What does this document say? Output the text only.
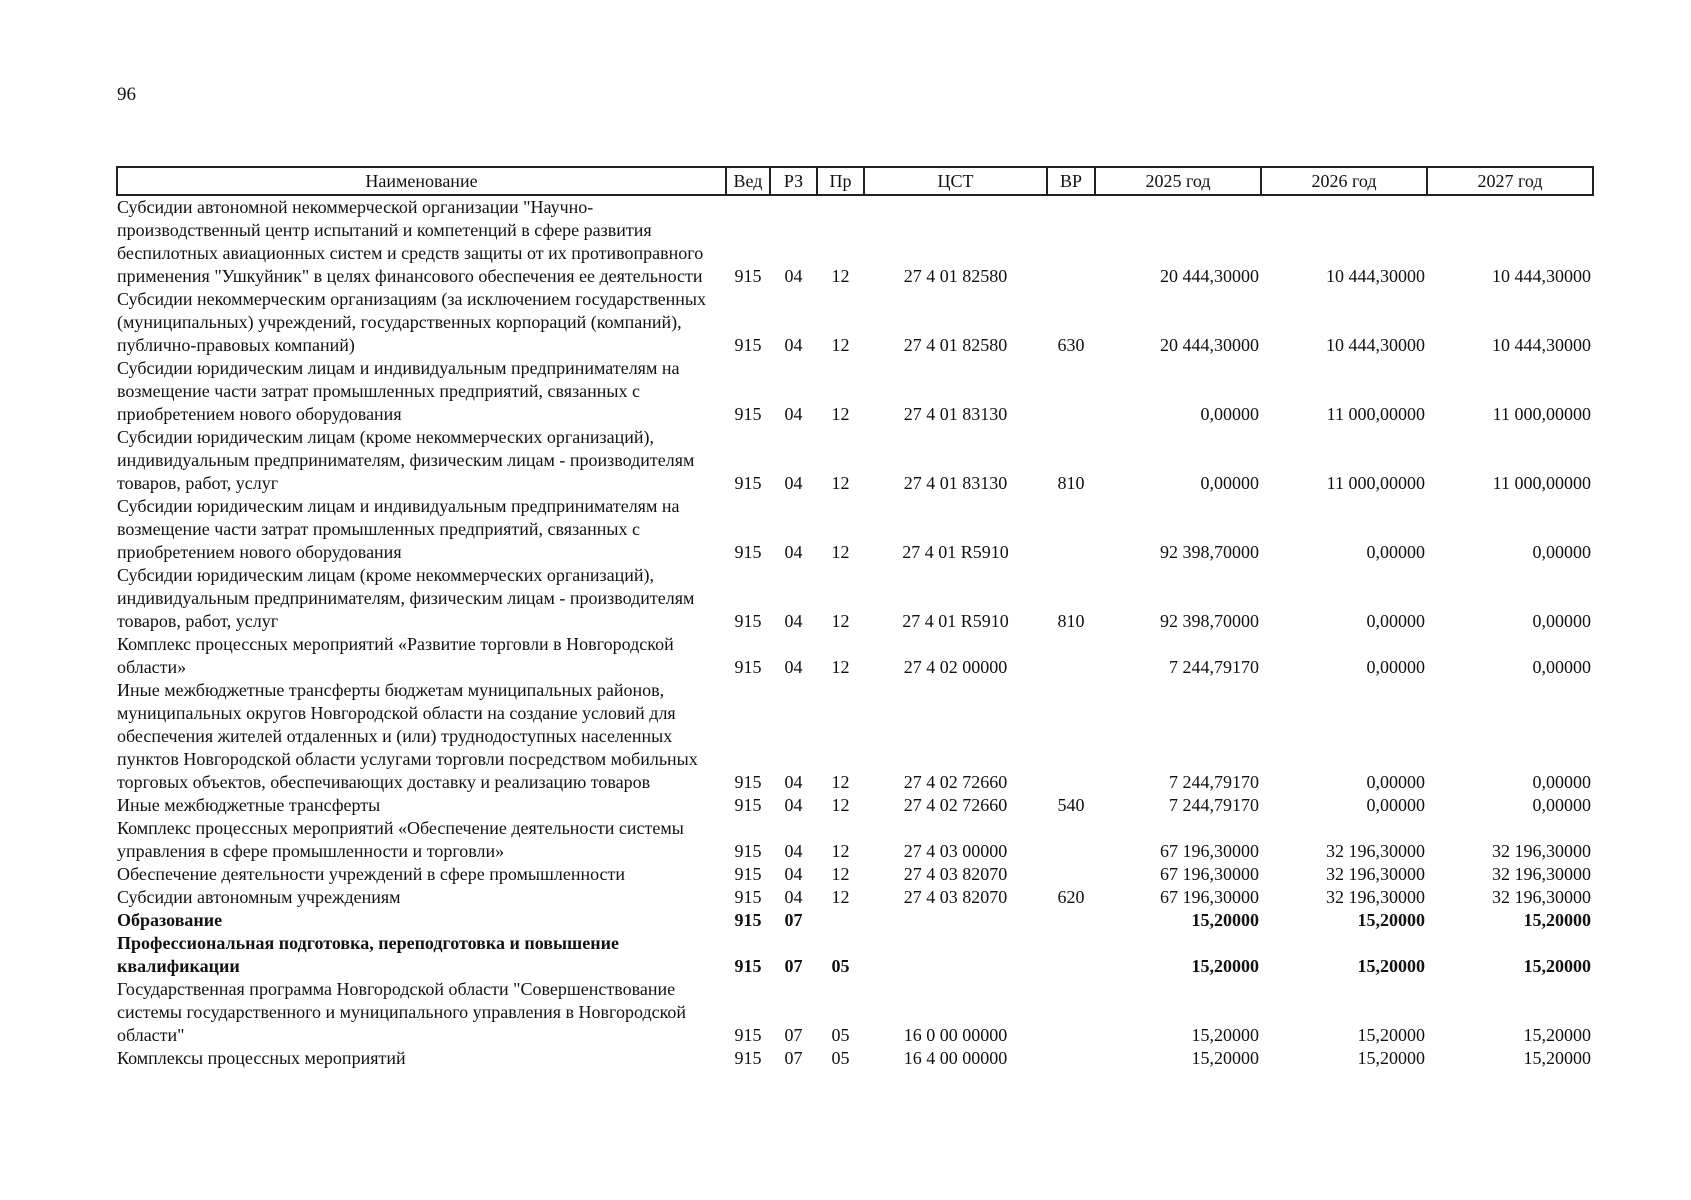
96
Наименование	Вед	РЗ	Пр	ЦСТ	ВР	2025 год	2026 год	2027 год
Субсидии автономной некоммерческой организации "Научно-производственный центр испытаний и компетенций в сфере развития беспилотных авиационных систем и средств защиты от их противоправного применения "Ушкуйник" в целях финансового обеспечения ее деятельности	915	04	12	27 4 01 82580		20 444,30000	10 444,30000	10 444,30000
Субсидии некоммерческим организациям (за исключением государственных (муниципальных) учреждений, государственных корпораций (компаний), публично-правовых компаний)	915	04	12	27 4 01 82580	630	20 444,30000	10 444,30000	10 444,30000
Субсидии юридическим лицам и индивидуальным предпринимателям на возмещение части затрат промышленных предприятий, связанных с приобретением нового оборудования	915	04	12	27 4 01 83130		0,00000	11 000,00000	11 000,00000
Субсидии юридическим лицам (кроме некоммерческих организаций), индивидуальным предпринимателям, физическим лицам - производителям товаров, работ, услуг	915	04	12	27 4 01 83130	810	0,00000	11 000,00000	11 000,00000
Субсидии юридическим лицам и индивидуальным предпринимателям на возмещение части затрат промышленных предприятий, связанных с приобретением нового оборудования	915	04	12	27 4 01 R5910		92 398,70000	0,00000	0,00000
Субсидии юридическим лицам (кроме некоммерческих организаций), индивидуальным предпринимателям, физическим лицам - производителям товаров, работ, услуг	915	04	12	27 4 01 R5910	810	92 398,70000	0,00000	0,00000
Комплекс процессных мероприятий «Развитие торговли в Новгородской области»	915	04	12	27 4 02 00000		7 244,79170	0,00000	0,00000
Иные межбюджетные трансферты бюджетам муниципальных районов, муниципальных округов Новгородской области на создание условий для обеспечения жителей отдаленных и (или) труднодоступных населенных пунктов Новгородской области услугами торговли посредством мобильных торговых объектов, обеспечивающих доставку и реализацию товаров	915	04	12	27 4 02 72660		7 244,79170	0,00000	0,00000
Иные межбюджетные трансферты	915	04	12	27 4 02 72660	540	7 244,79170	0,00000	0,00000
Комплекс процессных мероприятий «Обеспечение деятельности системы управления в сфере промышленности и торговли»	915	04	12	27 4 03 00000		67 196,30000	32 196,30000	32 196,30000
Обеспечение деятельности учреждений в сфере промышленности	915	04	12	27 4 03 82070		67 196,30000	32 196,30000	32 196,30000
Субсидии автономным учреждениям	915	04	12	27 4 03 82070	620	67 196,30000	32 196,30000	32 196,30000
Образование	915	07				15,20000	15,20000	15,20000
Профессиональная подготовка, переподготовка и повышение квалификации	915	07	05			15,20000	15,20000	15,20000
Государственная программа Новгородской области "Совершенствование системы государственного и муниципального управления в Новгородской области"	915	07	05	16 0 00 00000		15,20000	15,20000	15,20000
Комплексы процессных мероприятий	915	07	05	16 4 00 00000		15,20000	15,20000	15,20000
